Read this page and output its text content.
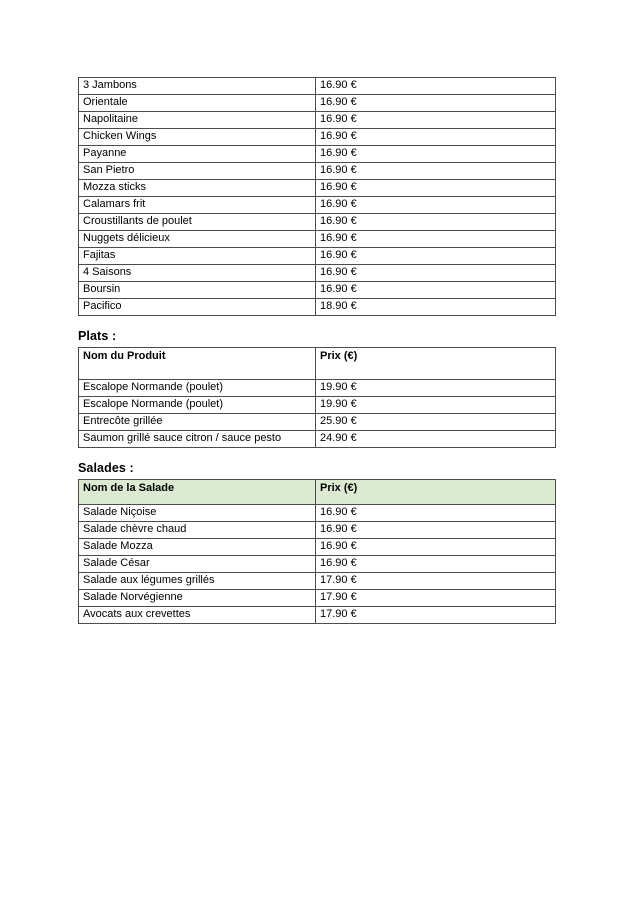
3 Jambons	16.90 €
Orientale	16.90 €
Napolitaine	16.90 €
Chicken Wings	16.90 €
Payanne	16.90 €
San Pietro	16.90 €
Mozza sticks	16.90 €
Calamars frit	16.90 €
Croustillants de poulet	16.90 €
Nuggets délicieux	16.90 €
Fajitas	16.90 €
4 Saisons	16.90 €
Boursin	16.90 €
Pacifico	18.90 €
Plats :
Nom du Produit	Prix (€)
Escalope Normande (poulet)	19.90 €
Escalope Normande (poulet)	19.90 €
Entrecôte grillée	25.90 €
Saumon grillé sauce citron / sauce pesto	24.90 €
Salades :
Nom de la Salade	Prix (€)
Salade Niçoise	16.90 €
Salade chèvre chaud	16.90 €
Salade Mozza	16.90 €
Salade César	16.90 €
Salade aux légumes grillés	17.90 €
Salade Norvégienne	17.90 €
Avocats aux crevettes	17.90 €
